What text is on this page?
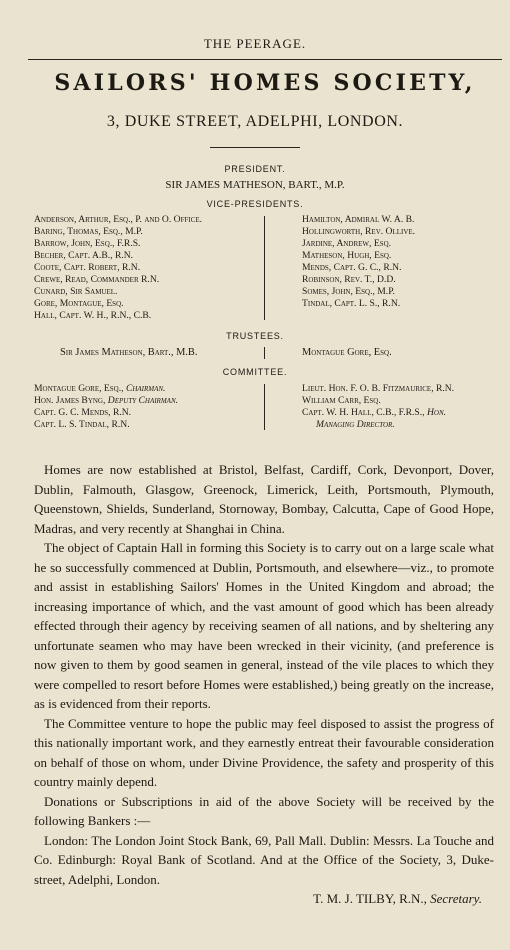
THE PEERAGE.
SAILORS' HOMES SOCIETY,
3, DUKE STREET, ADELPHI, LONDON.
PRESIDENT.
SIR JAMES MATHESON, BART., M.P.
VICE-PRESIDENTS.
Anderson, Arthur, Esq., P. and O. Office.
Baring, Thomas, Esq., M.P.
Barrow, John, Esq., F.R.S.
Becher, Capt. A.B., R.N.
Coote, Capt. Robert, R.N.
Crewe, Read, Commander R.N.
Cunard, Sir Samuel.
Gore, Montague, Esq.
Hall, Capt. W. H., R.N., C.B.
Hamilton, Admiral W. A. B.
Hollingworth, Rev. Ollive.
Jardine, Andrew, Esq.
Matheson, Hugh, Esq.
Mends, Capt. G. C., R.N.
Robinson, Rev. T., D.D.
Somes, John, Esq., M.P.
Tindal, Capt. L. S., R.N.
TRUSTEES.
Sir James Matheson, Bart., M.B.	Montague Gore, Esq.
COMMITTEE.
Montague Gore, Esq., Chairman.
Hon. James Byng, Deputy Chairman.
Capt. G. C. Mends, R.N.
Capt. L. S. Tindal, R.N.
Lieut. Hon. F. O. B. Fitzmaurice, R.N.
William Carr, Esq.
Capt. W. H. Hall, C.B., F.R.S., Hon.
Managing Director.

Homes are now established at Bristol, Belfast, Cardiff, Cork, Devonport, Dover, Dublin, Falmouth, Glasgow, Greenock, Limerick, Leith, Portsmouth, Plymouth, Queenstown, Shields, Sunderland, Stornoway, Bombay, Calcutta, Cape of Good Hope, Madras, and very recently at Shanghai in China.

The object of Captain Hall in forming this Society is to carry out on a large scale what he so successfully commenced at Dublin, Portsmouth, and elsewhere—viz., to promote and assist in establishing Sailors' Homes in the United Kingdom and abroad; the increasing importance of which, and the vast amount of good which has been already effected through their agency by receiving seamen of all nations, and by sheltering any unfortunate seamen who may have been wrecked in their vicinity, (and preference is now given to them by good seamen in general, instead of the vile places to which they were compelled to resort before Homes were established,) being greatly on the increase, as is evidenced from their reports.

The Committee venture to hope the public may feel disposed to assist the progress of this nationally important work, and they earnestly entreat their favourable consideration on behalf of those on whom, under Divine Providence, the safety and prosperity of this country mainly depend.

Donations or Subscriptions in aid of the above Society will be received by the following Bankers :—

London: The London Joint Stock Bank, 69, Pall Mall. Dublin: Messrs. La Touche and Co. Edinburgh: Royal Bank of Scotland. And at the Office of the Society, 3, Duke-street, Adelphi, London.

T. M. J. TILBY, R.N., Secretary.
